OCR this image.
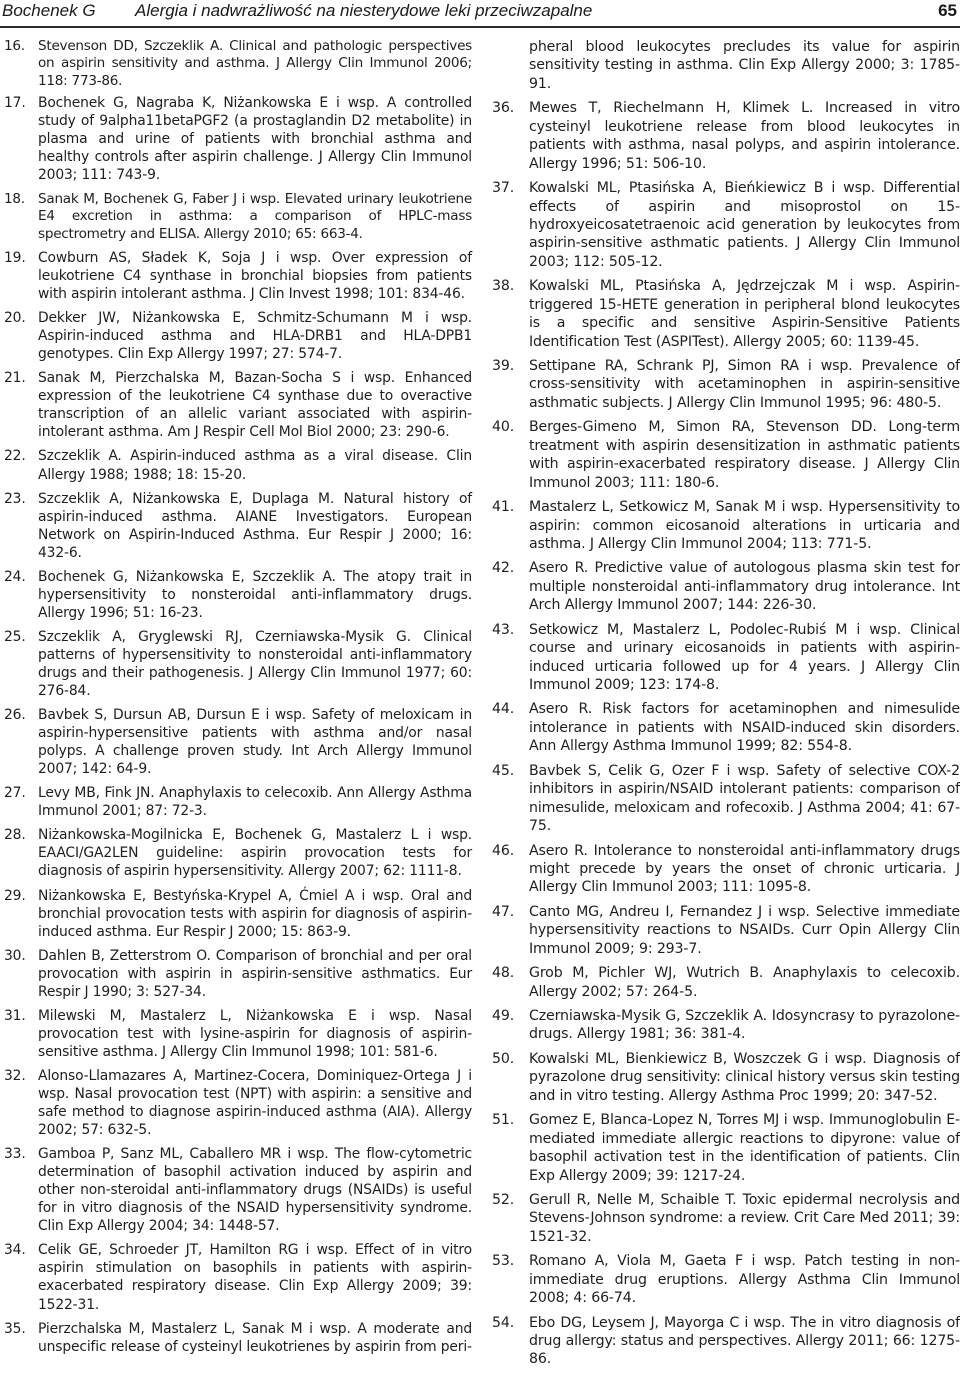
Bochenek G Alergia i nadwrażliwość na niesterydowe leki przeciwzapalne	65
16. Stevenson DD, Szczeklik A. Clinical and pathologic perspectives on aspirin sensitivity and asthma. J Allergy Clin Immunol 2006; 118: 773-86.
17. Bochenek G, Nagraba K, Niżankowska E i wsp. A controlled study of 9alpha11betaPGF2 (a prostaglandin D2 metabolite) in plasma and urine of patients with bronchial asthma and healthy controls after aspirin challenge. J Allergy Clin Immunol 2003; 111: 743-9.
18. Sanak M, Bochenek G, Faber J i wsp. Elevated urinary leukotriene E4 excretion in asthma: a comparison of HPLC-mass spectrometry and ELISA. Allergy 2010; 65: 663-4.
19. Cowburn AS, Sładek K, Soja J i wsp. Over expression of leukotriene C4 synthase in bronchial biopsies from patients with aspirin intolerant asthma. J Clin Invest 1998; 101: 834-46.
20. Dekker JW, Niżankowska E, Schmitz-Schumann M i wsp. Aspirin-induced asthma and HLA-DRB1 and HLA-DPB1 genotypes. Clin Exp Allergy 1997; 27: 574-7.
21. Sanak M, Pierzchalska M, Bazan-Socha S i wsp. Enhanced expression of the leukotriene C4 synthase due to overactive transcription of an allelic variant associated with aspirin-intolerant asthma. Am J Respir Cell Mol Biol 2000; 23: 290-6.
22. Szczeklik A. Aspirin-induced asthma as a viral disease. Clin Allergy 1988; 1988; 18: 15-20.
23. Szczeklik A, Niżankowska E, Duplaga M. Natural history of aspirin-induced asthma. AIANE Investigators. European Network on Aspirin-Induced Asthma. Eur Respir J 2000; 16: 432-6.
24. Bochenek G, Niżankowska E, Szczeklik A. The atopy trait in hypersensitivity to nonsteroidal anti-inflammatory drugs. Allergy 1996; 51: 16-23.
25. Szczeklik A, Gryglewski RJ, Czerniawska-Mysik G. Clinical patterns of hypersensitivity to nonsteroidal anti-inflammatory drugs and their pathogenesis. J Allergy Clin Immunol 1977; 60: 276-84.
26. Bavbek S, Dursun AB, Dursun E i wsp. Safety of meloxicam in aspirin-hypersensitive patients with asthma and/or nasal polyps. A challenge proven study. Int Arch Allergy Immunol 2007; 142: 64-9.
27. Levy MB, Fink JN. Anaphylaxis to celecoxib. Ann Allergy Asthma Immunol 2001; 87: 72-3.
28. Niżankowska-Mogilnicka E, Bochenek G, Mastalerz L i wsp. EAACI/GA2LEN guideline: aspirin provocation tests for diagnosis of aspirin hypersensitivity. Allergy 2007; 62: 1111-8.
29. Niżankowska E, Bestyńska-Krypel A, Ćmiel A i wsp. Oral and bronchial provocation tests with aspirin for diagnosis of aspirin-induced asthma. Eur Respir J 2000; 15: 863-9.
30. Dahlen B, Zetterstrom O. Comparison of bronchial and per oral provocation with aspirin in aspirin-sensitive asthmatics. Eur Respir J 1990; 3: 527-34.
31. Milewski M, Mastalerz L, Niżankowska E i wsp. Nasal provocation test with lysine-aspirin for diagnosis of aspirin-sensitive asthma. J Allergy Clin Immunol 1998; 101: 581-6.
32. Alonso-Llamazares A, Martinez-Cocera, Dominiquez-Ortega J i wsp. Nasal provocation test (NPT) with aspirin: a sensitive and safe method to diagnose aspirin-induced asthma (AIA). Allergy 2002; 57: 632-5.
33. Gamboa P, Sanz ML, Caballero MR i wsp. The flow-cytometric determination of basophil activation induced by aspirin and other non-steroidal anti-inflammatory drugs (NSAIDs) is useful for in vitro diagnosis of the NSAID hypersensitivity syndrome. Clin Exp Allergy 2004; 34: 1448-57.
34. Celik GE, Schroeder JT, Hamilton RG i wsp. Effect of in vitro aspirin stimulation on basophils in patients with aspirin-exacerbated respiratory disease. Clin Exp Allergy 2009; 39: 1522-31.
35. Pierzchalska M, Mastalerz L, Sanak M i wsp. A moderate and unspecific release of cysteinyl leukotrienes by aspirin from peri-
pheral blood leukocytes precludes its value for aspirin sensitivity testing in asthma. Clin Exp Allergy 2000; 3: 1785-91.
36. Mewes T, Riechelmann H, Klimek L. Increased in vitro cysteinyl leukotriene release from blood leukocytes in patients with asthma, nasal polyps, and aspirin intolerance. Allergy 1996; 51: 506-10.
37. Kowalski ML, Ptasińska A, Bieńkiewicz B i wsp. Differential effects of aspirin and misoprostol on 15-hydroxyeicosatetraenoic acid generation by leukocytes from aspirin-sensitive asthmatic patients. J Allergy Clin Immunol 2003; 112: 505-12.
38. Kowalski ML, Ptasińska A, Jędrzejczak M i wsp. Aspirin-triggered 15-HETE generation in peripheral blond leukocytes is a specific and sensitive Aspirin-Sensitive Patients Identification Test (ASPITest). Allergy 2005; 60: 1139-45.
39. Settipane RA, Schrank PJ, Simon RA i wsp. Prevalence of cross-sensitivity with acetaminophen in aspirin-sensitive asthmatic subjects. J Allergy Clin Immunol 1995; 96: 480-5.
40. Berges-Gimeno M, Simon RA, Stevenson DD. Long-term treatment with aspirin desensitization in asthmatic patients with aspirin-exacerbated respiratory disease. J Allergy Clin Immunol 2003; 111: 180-6.
41. Mastalerz L, Setkowicz M, Sanak M i wsp. Hypersensitivity to aspirin: common eicosanoid alterations in urticaria and asthma. J Allergy Clin Immunol 2004; 113: 771-5.
42. Asero R. Predictive value of autologous plasma skin test for multiple nonsteroidal anti-inflammatory drug intolerance. Int Arch Allergy Immunol 2007; 144: 226-30.
43. Setkowicz M, Mastalerz L, Podolec-Rubiś M i wsp. Clinical course and urinary eicosanoids in patients with aspirin-induced urticaria followed up for 4 years. J Allergy Clin Immunol 2009; 123: 174-8.
44. Asero R. Risk factors for acetaminophen and nimesulide intolerance in patients with NSAID-induced skin disorders. Ann Allergy Asthma Immunol 1999; 82: 554-8.
45. Bavbek S, Celik G, Ozer F i wsp. Safety of selective COX-2 inhibitors in aspirin/NSAID intolerant patients: comparison of nimesulide, meloxicam and rofecoxib. J Asthma 2004; 41: 67-75.
46. Asero R. Intolerance to nonsteroidal anti-inflammatory drugs might precede by years the onset of chronic urticaria. J Allergy Clin Immunol 2003; 111: 1095-8.
47. Canto MG, Andreu I, Fernandez J i wsp. Selective immediate hypersensitivity reactions to NSAIDs. Curr Opin Allergy Clin Immunol 2009; 9: 293-7.
48. Grob M, Pichler WJ, Wutrich B. Anaphylaxis to celecoxib. Allergy 2002; 57: 264-5.
49. Czerniawska-Mysik G, Szczeklik A. Idosyncrasy to pyrazolone-drugs. Allergy 1981; 36: 381-4.
50. Kowalski ML, Bienkiewicz B, Woszczek G i wsp. Diagnosis of pyrazolone drug sensitivity: clinical history versus skin testing and in vitro testing. Allergy Asthma Proc 1999; 20: 347-52.
51. Gomez E, Blanca-Lopez N, Torres MJ i wsp. Immunoglobulin E-mediated immediate allergic reactions to dipyrone: value of basophil activation test in the identification of patients. Clin Exp Allergy 2009; 39: 1217-24.
52. Gerull R, Nelle M, Schaible T. Toxic epidermal necrolysis and Stevens-Johnson syndrome: a review. Crit Care Med 2011; 39: 1521-32.
53. Romano A, Viola M, Gaeta F i wsp. Patch testing in non-immediate drug eruptions. Allergy Asthma Clin Immunol 2008; 4: 66-74.
54. Ebo DG, Leysem J, Mayorga C i wsp. The in vitro diagnosis of drug allergy: status and perspectives. Allergy 2011; 66: 1275-86.
